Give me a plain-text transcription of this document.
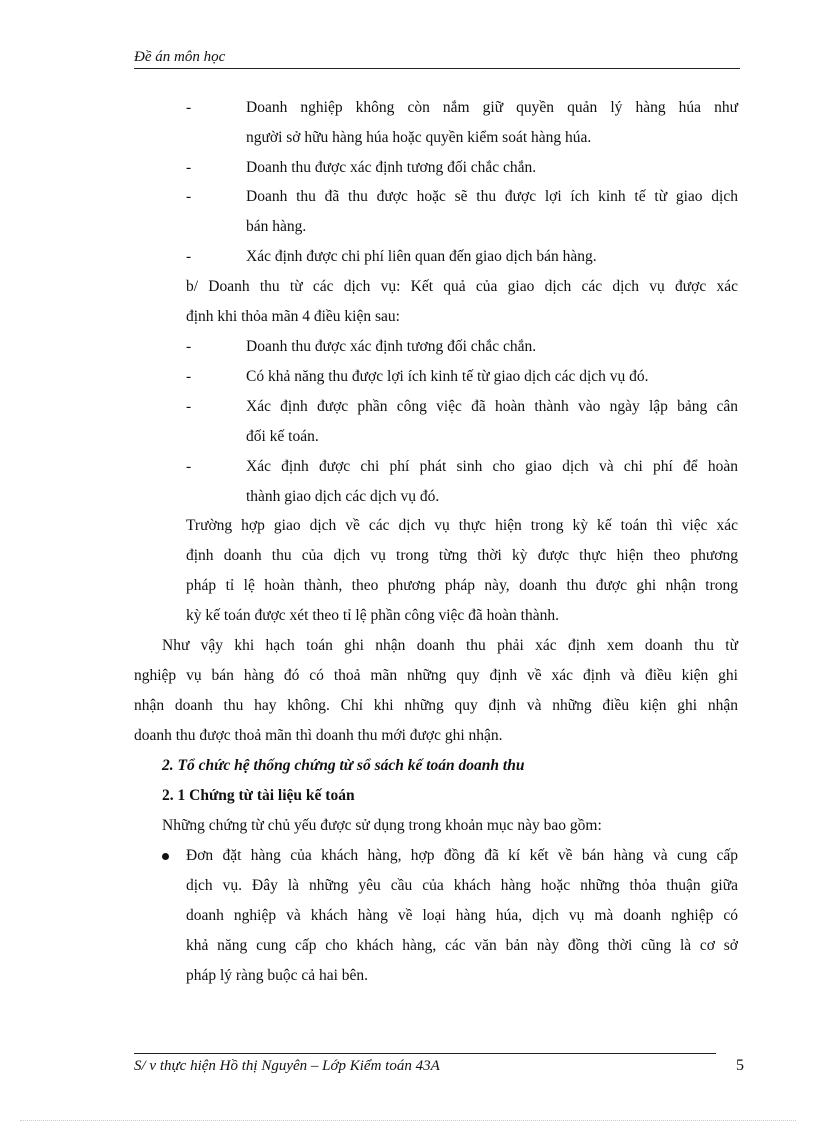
Đề án môn học
-	Doanh nghiệp không còn nắm giữ quyền quản lý hàng húa như
người sở hữu hàng húa hoặc quyền kiểm soát hàng húa.
-	Doanh thu được xác định tương đối chắc chắn.
-	Doanh thu đã thu được hoặc sẽ thu được lợi ích kinh tế từ giao dịch
bán hàng.
-	Xác định được chi phí liên quan đến giao dịch bán hàng.
b/ Doanh thu từ các dịch vụ: Kết quả của giao dịch các dịch vụ được xác
định khi thỏa mãn 4 điều kiện sau:
-	Doanh thu được xác định tương đối chắc chắn.
-	Có khả năng thu được lợi ích kinh tế từ giao dịch các dịch vụ đó.
-	Xác định được phần công việc đã hoàn thành vào ngày lập bảng cân
đối kế toán.
-	Xác định được chi phí phát sinh cho giao dịch và chi phí để hoàn
thành giao dịch các dịch vụ đó.
Trường hợp giao dịch về các dịch vụ thực hiện trong kỳ kế toán thì việc xác
định doanh thu của dịch vụ trong từng thời kỳ được thực hiện theo phương
pháp tỉ lệ hoàn thành, theo phương pháp này, doanh thu được ghi nhận trong
kỳ kế toán được xét theo tỉ lệ phần công việc đã hoàn thành.
Như vậy khi hạch toán ghi nhận doanh thu phải xác định xem doanh thu từ
nghiệp vụ bán hàng đó có thoả mãn những quy định về xác định và điều kiện ghi
nhận doanh thu hay không. Chỉ khi những quy định và những điều kiện ghi nhận
doanh thu được thoả mãn thì doanh thu mới được ghi nhận.
2. Tổ chức hệ thống chứng từ sổ sách kế toán doanh thu
2. 1 Chứng từ tài liệu kế toán
Những chứng từ chủ yếu được sử dụng trong khoản mục này bao gồm:
Đơn đặt hàng của khách hàng, hợp đồng đã kí kết về bán hàng và cung cấp
dịch vụ. Đây là những yêu cầu của khách hàng hoặc những thỏa thuận giữa
doanh nghiệp và khách hàng về loại hàng húa, dịch vụ mà doanh nghiệp có
khả năng cung cấp cho khách hàng, các văn bản này đồng thời cũng là cơ sở
pháp lý ràng buộc cả hai bên.
S/ v thực hiện Hồ thị Nguyên – Lớp Kiểm toán 43A	5
